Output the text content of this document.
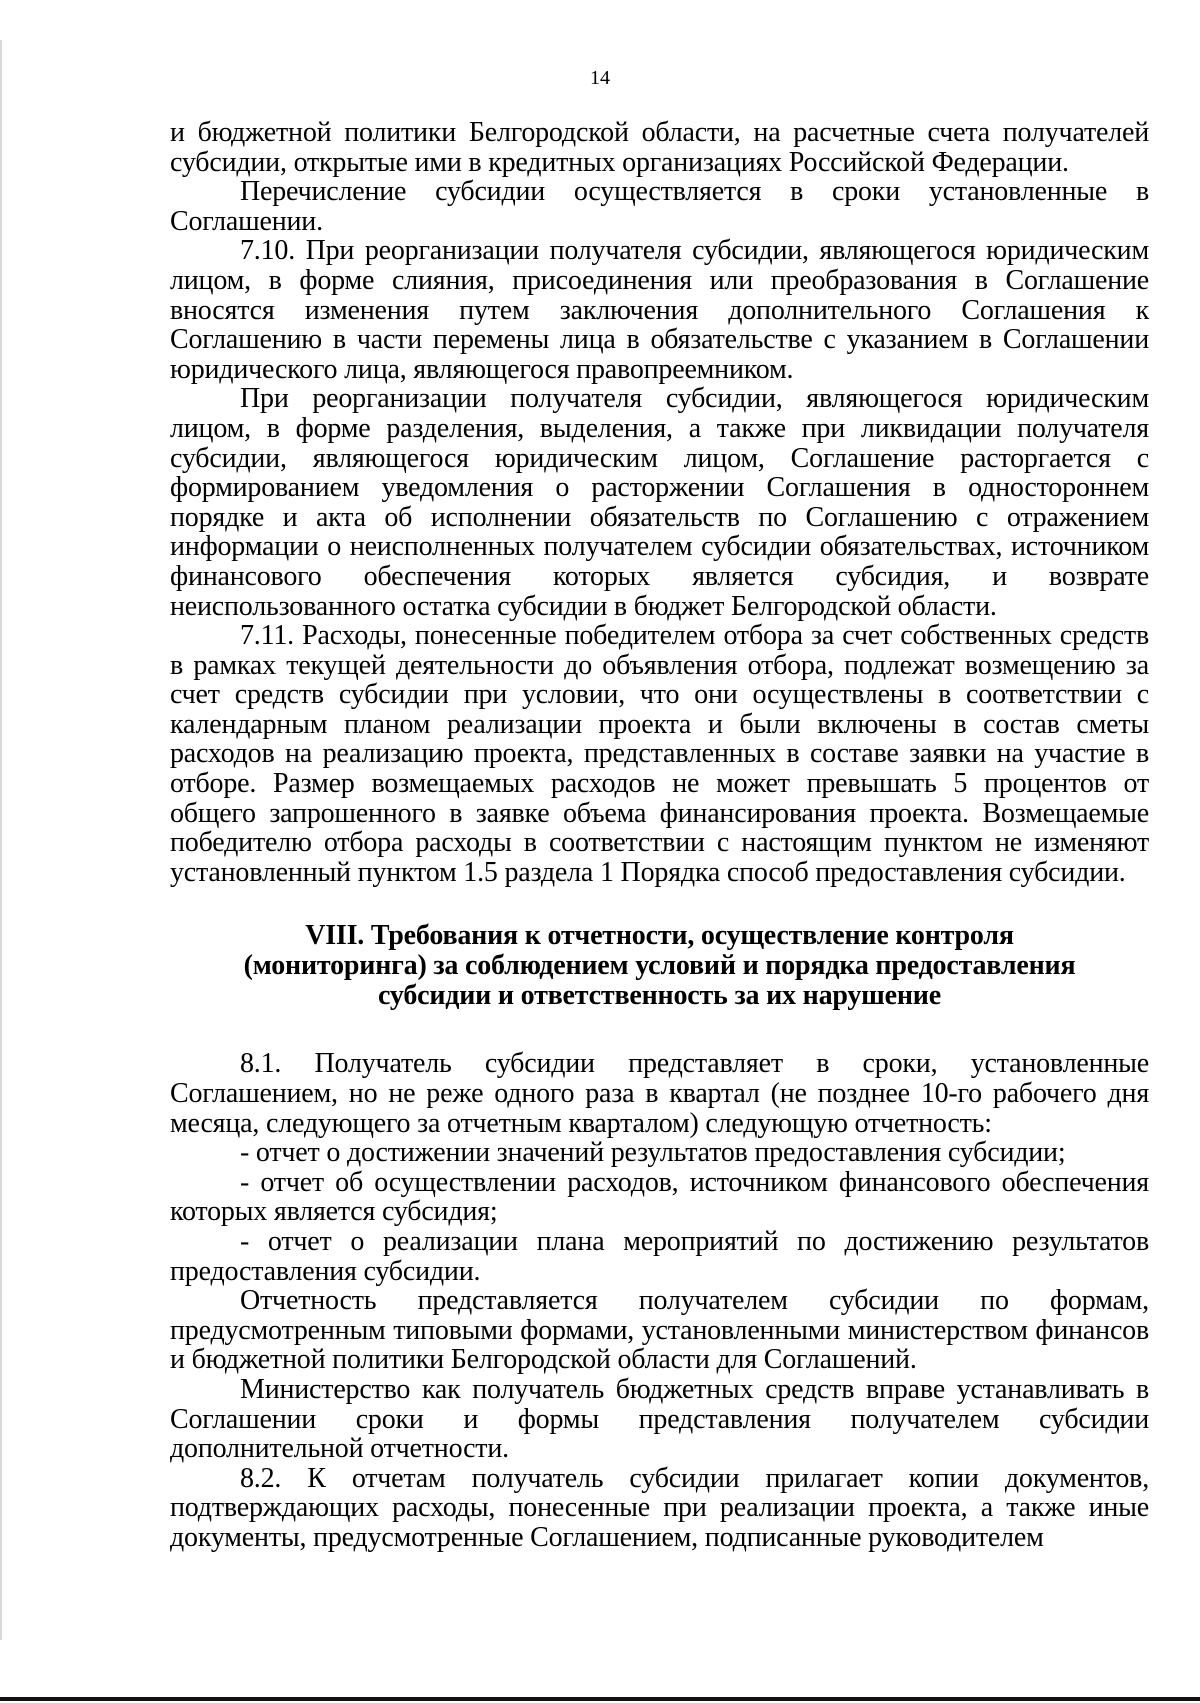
14

и бюджетной политики Белгородской области, на расчетные счета получателей субсидии, открытые ими в кредитных организациях Российской Федерации.

Перечисление субсидии осуществляется в сроки установленные в Соглашении.

7.10. При реорганизации получателя субсидии, являющегося юридическим лицом, в форме слияния, присоединения или преобразования в Соглашение вносятся изменения путем заключения дополнительного Соглашения к Соглашению в части перемены лица в обязательстве с указанием в Соглашении юридического лица, являющегося правопреемником.

При реорганизации получателя субсидии, являющегося юридическим лицом, в форме разделения, выделения, а также при ликвидации получателя субсидии, являющегося юридическим лицом, Соглашение расторгается с формированием уведомления о расторжении Соглашения в одностороннем порядке и акта об исполнении обязательств по Соглашению с отражением информации о неисполненных получателем субсидии обязательствах, источником финансового обеспечения которых является субсидия, и возврате неиспользованного остатка субсидии в бюджет Белгородской области.

7.11. Расходы, понесенные победителем отбора за счет собственных средств в рамках текущей деятельности до объявления отбора, подлежат возмещению за счет средств субсидии при условии, что они осуществлены в соответствии с календарным планом реализации проекта и были включены в состав сметы расходов на реализацию проекта, представленных в составе заявки на участие в отборе. Размер возмещаемых расходов не может превышать 5 процентов от общего запрошенного в заявке объема финансирования проекта. Возмещаемые победителю отбора расходы в соответствии с настоящим пунктом не изменяют установленный пунктом 1.5 раздела 1 Порядка способ предоставления субсидии.

VIII. Требования к отчетности, осуществление контроля
(мониторинга) за соблюдением условий и порядка предоставления
субсидии и ответственность за их нарушение

8.1. Получатель субсидии представляет в сроки, установленные Соглашением, но не реже одного раза в квартал (не позднее 10-го рабочего дня месяца, следующего за отчетным кварталом) следующую отчетность:

- отчет о достижении значений результатов предоставления субсидии;

- отчет об осуществлении расходов, источником финансового обеспечения которых является субсидия;

- отчет о реализации плана мероприятий по достижению результатов предоставления субсидии.

Отчетность представляется получателем субсидии по формам, предусмотренным типовыми формами, установленными министерством финансов и бюджетной политики Белгородской области для Соглашений.

Министерство как получатель бюджетных средств вправе устанавливать в Соглашении сроки и формы представления получателем субсидии дополнительной отчетности.

8.2. К отчетам получатель субсидии прилагает копии документов, подтверждающих расходы, понесенные при реализации проекта, а также иные документы, предусмотренные Соглашением, подписанные руководителем
